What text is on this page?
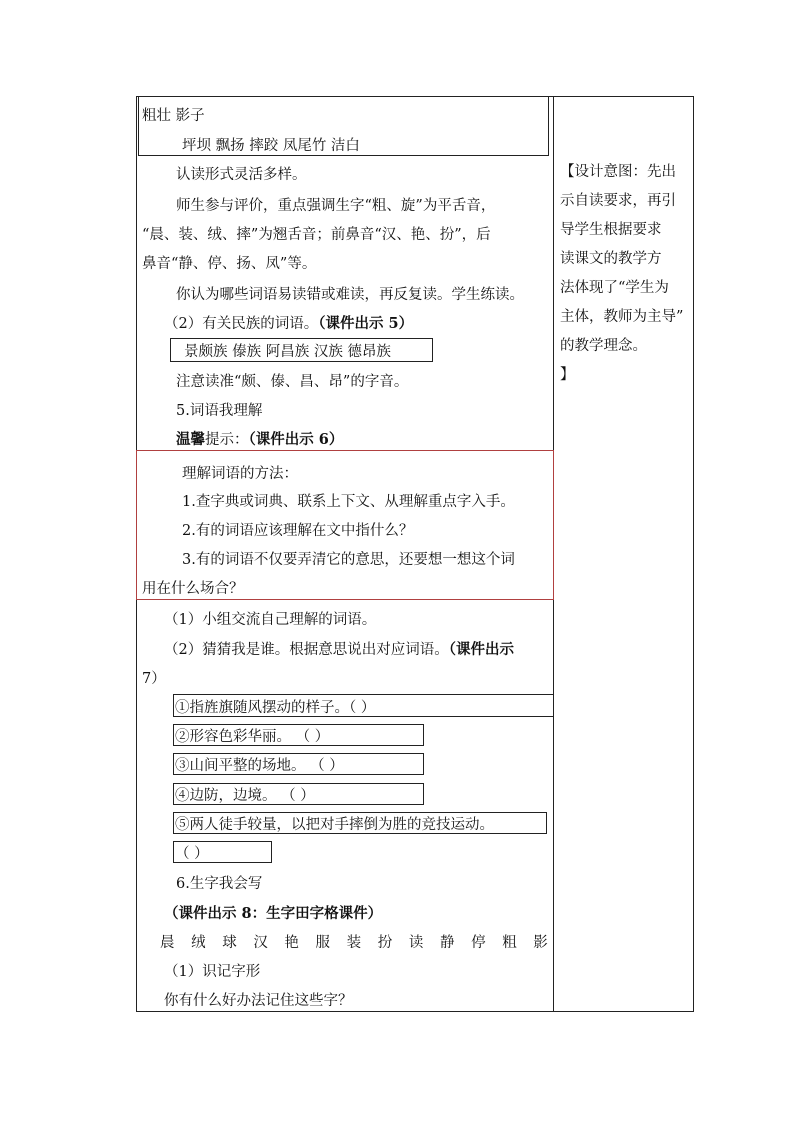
粗壮 影子
坪坝 飘扬 摔跤 凤尾竹 洁白
认读形式灵活多样。
师生参与评价，重点强调生字“粗、旋”为平舌音，
“晨、装、绒、摔”为翘舌音；前鼻音“汉、艳、扮”，后
鼻音“静、停、扬、凤”等。
你认为哪些词语易读错或难读，再反复读。学生练读。
（2）有关民族的词语。（课件出示 5）
景颇族 傣族 阿昌族 汉族 德昂族
注意读准“颇、傣、昌、昂”的字音。
5.词语我理解
温馨提示：（课件出示 6）
理解词语的方法：
1.查字典或词典、联系上下文、从理解重点字入手。
2.有的词语应该理解在文中指什么？
3.有的词语不仅要弄清它的意思，还要想一想这个词
用在什么场合？
（1）小组交流自己理解的词语。
（2）猜猜我是谁。根据意思说出对应词语。（课件出示
7）
①指旌旗随风摆动的样子。（ ）
②形容色彩华丽。 （ ）
③山间平整的场地。 （ ）
④边防，边境。 （ ）
⑤两人徒手较量，以把对手摔倒为胜的竞技运动。
（ ）
6.生字我会写
（课件出示 8：生字田字格课件）
晨 绒 球 汉 艳 服 装 扮 读 静 停 粗 影
（1）识记字形
你有什么好办法记住这些字？
【设计意图：先出
示自读要求，再引
导学生根据要求
读课文的教学方
法体现了“学生为
主体，教师为主导”
的教学理念。
】
